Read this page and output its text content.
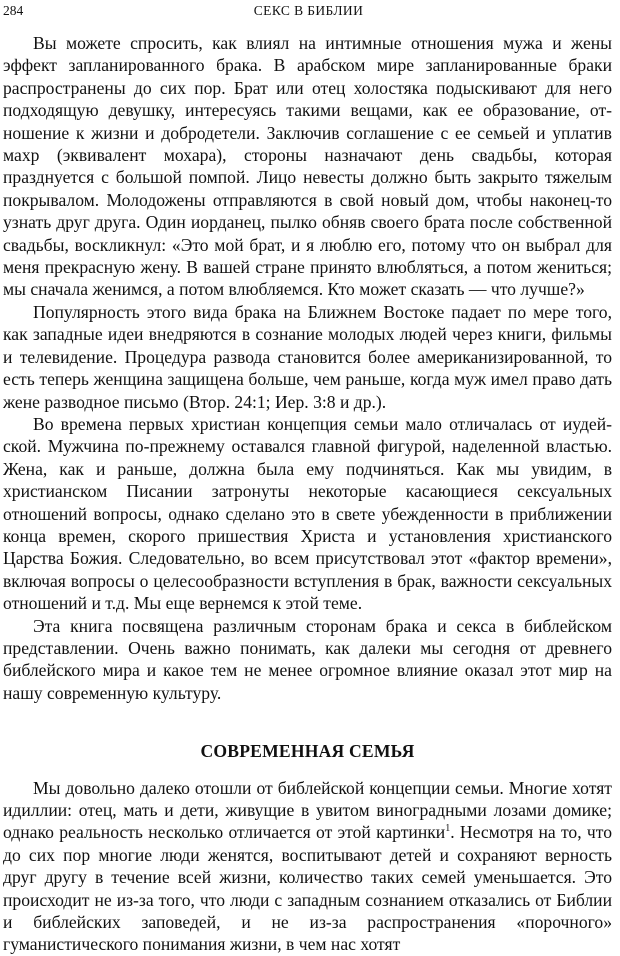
284	СЕКС В БИБЛИИ

Вы можете спросить, как влиял на интимные отношения мужа и жены эффект запланированного брака. В арабском мире запланированные браки распространены до сих пор. Брат или отец холостяка подыскивают для него подходящую девушку, интересуясь такими вещами, как ее образование, отношение к жизни и добродетели. Заключив соглашение с ее семьей и уплатив махр (эквивалент мохара), стороны назначают день свадьбы, которая празднуется с большой помпой. Лицо невесты должно быть закрыто тяжелым покрывалом. Молодожены отправляются в свой новый дом, чтобы наконец-то узнать друг друга. Один иорданец, пылко обняв своего брата после собственной свадьбы, воскликнул: «Это мой брат, и я люблю его, потому что он выбрал для меня прекрасную жену. В вашей стране принято влюбляться, а потом жениться; мы сначала женимся, а потом влюбляемся. Кто может сказать — что лучше?»

Популярность этого вида брака на Ближнем Востоке падает по мере того, как западные идеи внедряются в сознание молодых людей через книги, фильмы и телевидение. Процедура развода становится более американизированной, то есть теперь женщина защищена больше, чем раньше, когда муж имел право дать жене разводное письмо (Втор. 24:1; Иер. 3:8 и др.).

Во времена первых христиан концепция семьи мало отличалась от иудейской. Мужчина по-прежнему оставался главной фигурой, наделенной властью. Жена, как и раньше, должна была ему подчиняться. Как мы увидим, в христианском Писании затронуты некоторые касающиеся сексуальных отношений вопросы, однако сделано это в свете убежденности в приближении конца времен, скорого пришествия Христа и установления христианского Царства Божия. Следовательно, во всем присутствовал этот «фактор времени», включая вопросы о целесообразности вступления в брак, важности сексуальных отношений и т.д. Мы еще вернемся к этой теме.

Эта книга посвящена различным сторонам брака и секса в библейском представлении. Очень важно понимать, как далеки мы сегодня от древнего библейского мира и какое тем не менее огромное влияние оказал этот мир на нашу современную культуру.

СОВРЕМЕННАЯ СЕМЬЯ

Мы довольно далеко отошли от библейской концепции семьи. Многие хотят идиллии: отец, мать и дети, живущие в увитом виноградными лозами домике; однако реальность несколько отличается от этой картинки$^1$. Несмотря на то, что до сих пор многие люди женятся, воспитывают детей и сохраняют верность друг другу в течение всей жизни, количество таких семей уменьшается. Это происходит не из-за того, что люди с западным сознанием отказались от Библии и библейских заповедей, и не из-за распространения «порочного» гуманистического понимания жизни, в чем нас хотят
